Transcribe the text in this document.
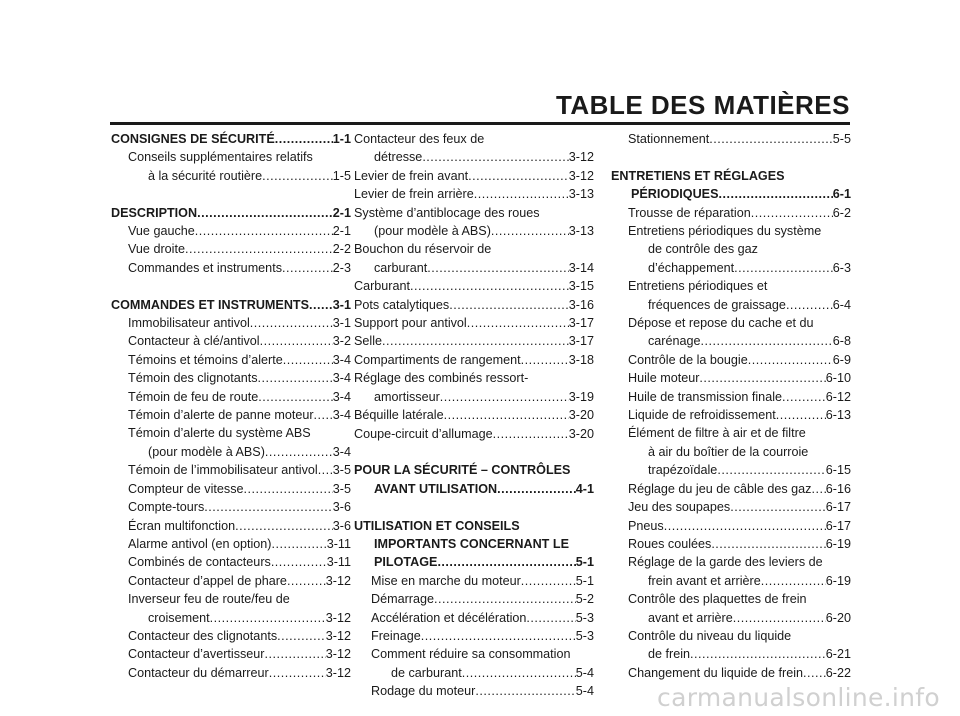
TABLE DES MATIÈRES
CONSIGNES DE SÉCURITÉ .....	1-1
Conseils supplémentaires relatifs
à la sécurité routière .....	1-5
DESCRIPTION .....	2-1
Vue gauche .....	2-1
Vue droite .....	2-2
Commandes et instruments .....	2-3
COMMANDES ET INSTRUMENTS ..... 3-1
Immobilisateur antivol .....	3-1
Contacteur à clé/antivol .....	3-2
Témoins et témoins d’alerte .....	3-4
Témoin des clignotants .....	3-4
Témoin de feu de route .....	3-4
Témoin d’alerte de panne moteur ..... 3-4
Témoin d’alerte du système ABS
(pour modèle à ABS) .....	3-4
Témoin de l’immobilisateur antivol ..... 3-5
Compteur de vitesse .....	3-5
Compte-tours .....	3-6
Écran multifonction .....	3-6
Alarme antivol (en option) .....	3-11
Combinés de contacteurs .....	3-11
Contacteur d’appel de phare .....	3-12
Inverseur feu de route/feu de
croisement .....	3-12
Contacteur des clignotants .....	3-12
Contacteur d’avertisseur .....	3-12
Contacteur du démarreur .....	3-12
Contacteur des feux de
détresse .....	3-12
Levier de frein avant .....	3-12
Levier de frein arrière .....	3-13
Système d’antiblocage des roues
(pour modèle à ABS) .....	3-13
Bouchon du réservoir de
carburant .....	3-14
Carburant .....	3-15
Pots catalytiques .....	3-16
Support pour antivol .....	3-17
Selle .....	3-17
Compartiments de rangement .....	3-18
Réglage des combinés ressort-
amortisseur .....	3-19
Béquille latérale .....	3-20
Coupe-circuit d’allumage .....	3-20
POUR LA SÉCURITÉ – CONTRÔLES
AVANT UTILISATION .....	4-1
UTILISATION ET CONSEILS
IMPORTANTS CONCERNANT LE
PILOTAGE .....	5-1
Mise en marche du moteur .....	5-1
Démarrage .....	5-2
Accélération et décélération .....	5-3
Freinage .....	5-3
Comment réduire sa consommation
de carburant .....	5-4
Rodage du moteur .....	5-4
Stationnement .....	5-5
ENTRETIENS ET RÉGLAGES
PÉRIODIQUES .....	6-1
Trousse de réparation .....	6-2
Entretiens périodiques du système
de contrôle des gaz
d’échappement .....	6-3
Entretiens périodiques et
fréquences de graissage .....	6-4
Dépose et repose du cache et du
carénage .....	6-8
Contrôle de la bougie .....	6-9
Huile moteur .....	6-10
Huile de transmission finale .....	6-12
Liquide de refroidissement .....	6-13
Élément de filtre à air et de filtre
à air du boîtier de la courroie
trapézoïdale .....	6-15
Réglage du jeu de câble des gaz ..... 6-16
Jeu des soupapes .....	6-17
Pneus .....	6-17
Roues coulées .....	6-19
Réglage de la garde des leviers de
frein avant et arrière .....	6-19
Contrôle des plaquettes de frein
avant et arrière .....	6-20
Contrôle du niveau du liquide
de frein .....	6-21
Changement du liquide de frein ..... 6-22
carmanualsonline.info
